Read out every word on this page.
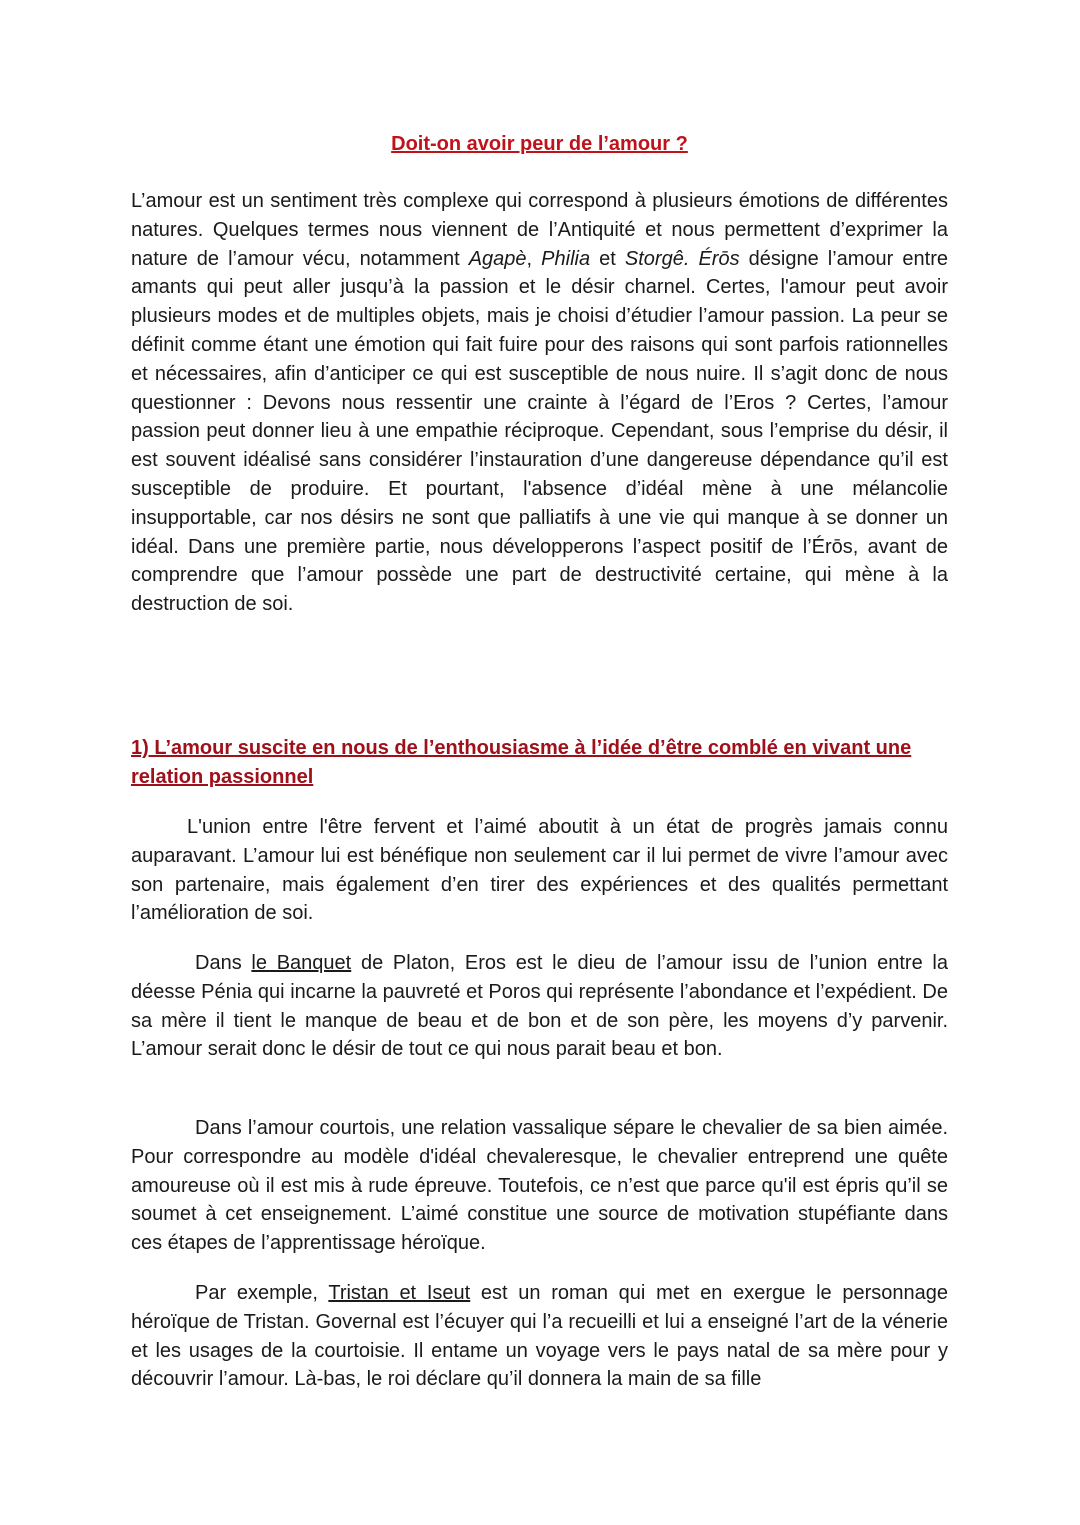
Doit-on avoir peur de l’amour ?

L’amour est un sentiment très complexe qui correspond à plusieurs émotions de différentes natures. Quelques termes nous viennent de l’Antiquité et nous permettent d’exprimer la nature de l’amour vécu, notamment Agapè, Philia et Storgê. Érōs désigne l’amour entre amants qui peut aller jusqu’à la passion et le désir charnel. Certes, l'amour peut avoir plusieurs modes et de multiples objets, mais je choisi d’étudier l’amour passion. La peur se définit comme étant une émotion qui fait fuire pour des raisons qui sont parfois rationnelles et nécessaires, afin d’anticiper ce qui est susceptible de nous nuire. Il s’agit donc de nous questionner : Devons nous ressentir une crainte à l’égard de l’Eros ? Certes, l’amour passion peut donner lieu à une empathie réciproque. Cependant, sous l’emprise du désir, il est souvent idéalisé sans considérer l’instauration d’une dangereuse dépendance qu’il est susceptible de produire. Et pourtant, l'absence d’idéal mène à une mélancolie insupportable, car nos désirs ne sont que palliatifs à une vie qui manque à se donner un idéal. Dans une première partie, nous développerons l’aspect positif de l’Érōs, avant de comprendre que l’amour possède une part de destructivité certaine, qui mène à la destruction de soi.

1) L’amour suscite en nous de l’enthousiasme à l’idée d’être comblé en vivant une relation passionnel

L'union entre l'être fervent et l’aimé aboutit à un état de progrès jamais connu auparavant. L’amour lui est bénéfique non seulement car il lui permet de vivre l’amour avec son partenaire, mais également d’en tirer des expériences et des qualités permettant l’amélioration de soi.

Dans le Banquet de Platon, Eros est le dieu de l’amour issu de l’union entre la déesse Pénia qui incarne la pauvreté et Poros qui représente l’abondance et l’expédient. De sa mère il tient le manque de beau et de bon et de son père, les moyens d’y parvenir. L’amour serait donc le désir de tout ce qui nous parait beau et bon.

Dans l’amour courtois, une relation vassalique sépare le chevalier de sa bien aimée. Pour correspondre au modèle d'idéal chevaleresque, le chevalier entreprend une quête amoureuse où il est mis à rude épreuve. Toutefois, ce n’est que parce qu'il est épris qu’il se soumet à cet enseignement. L’aimé constitue une source de motivation stupéfiante dans ces étapes de l’apprentissage héroïque.

Par exemple, Tristan et Iseut est un roman qui met en exergue le personnage héroïque de Tristan. Governal est l’écuyer qui l’a recueilli et lui a enseigné l’art de la vénerie et les usages de la courtoisie. Il entame un voyage vers le pays natal de sa mère pour y découvrir l’amour. Là-bas, le roi déclare qu’il donnera la main de sa fille
